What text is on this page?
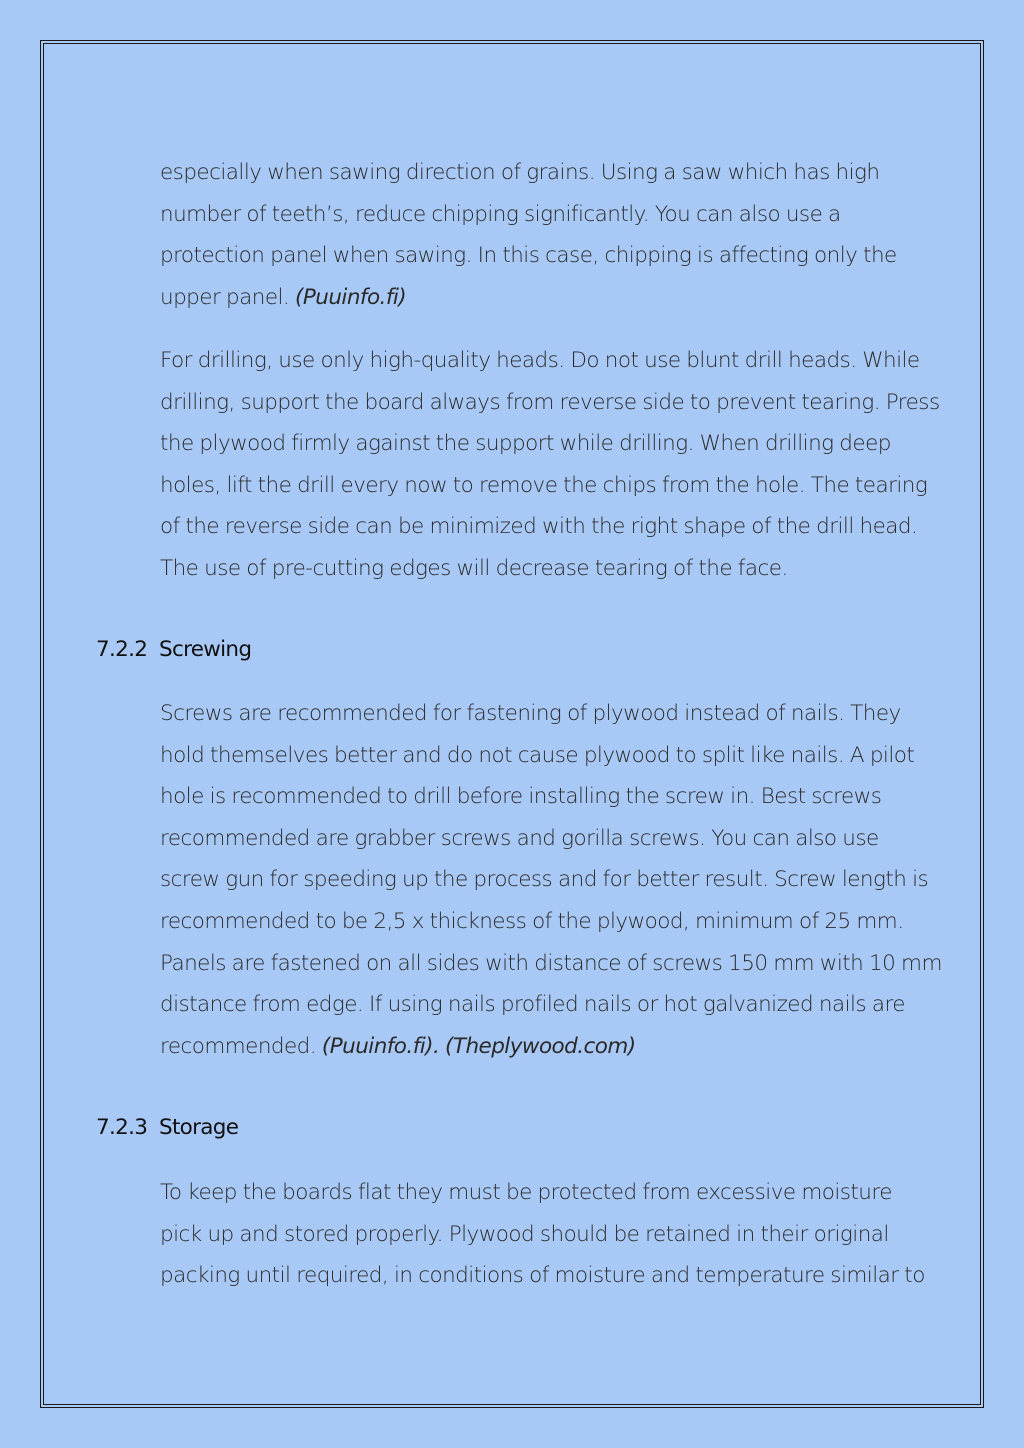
especially when sawing direction of grains. Using a saw which has high
number of teeth’s, reduce chipping significantly. You can also use a
protection panel when sawing. In this case, chipping is affecting only the
upper panel. (Puuinfo.fi)
For drilling, use only high-quality heads. Do not use blunt drill heads. While
drilling, support the board always from reverse side to prevent tearing. Press
the plywood firmly against the support while drilling. When drilling deep
holes, lift the drill every now to remove the chips from the hole. The tearing
of the reverse side can be minimized with the right shape of the drill head.
The use of pre-cutting edges will decrease tearing of the face.
7.2.2 Screwing
Screws are recommended for fastening of plywood instead of nails. They
hold themselves better and do not cause plywood to split like nails. A pilot
hole is recommended to drill before installing the screw in. Best screws
recommended are grabber screws and gorilla screws. You can also use
screw gun for speeding up the process and for better result. Screw length is
recommended to be 2,5 x thickness of the plywood, minimum of 25 mm.
Panels are fastened on all sides with distance of screws 150 mm with 10 mm
distance from edge. If using nails profiled nails or hot galvanized nails are
recommended. (Puuinfo.fi). (Theplywood.com)
7.2.3 Storage
To keep the boards flat they must be protected from excessive moisture
pick up and stored properly. Plywood should be retained in their original
packing until required, in conditions of moisture and temperature similar to
